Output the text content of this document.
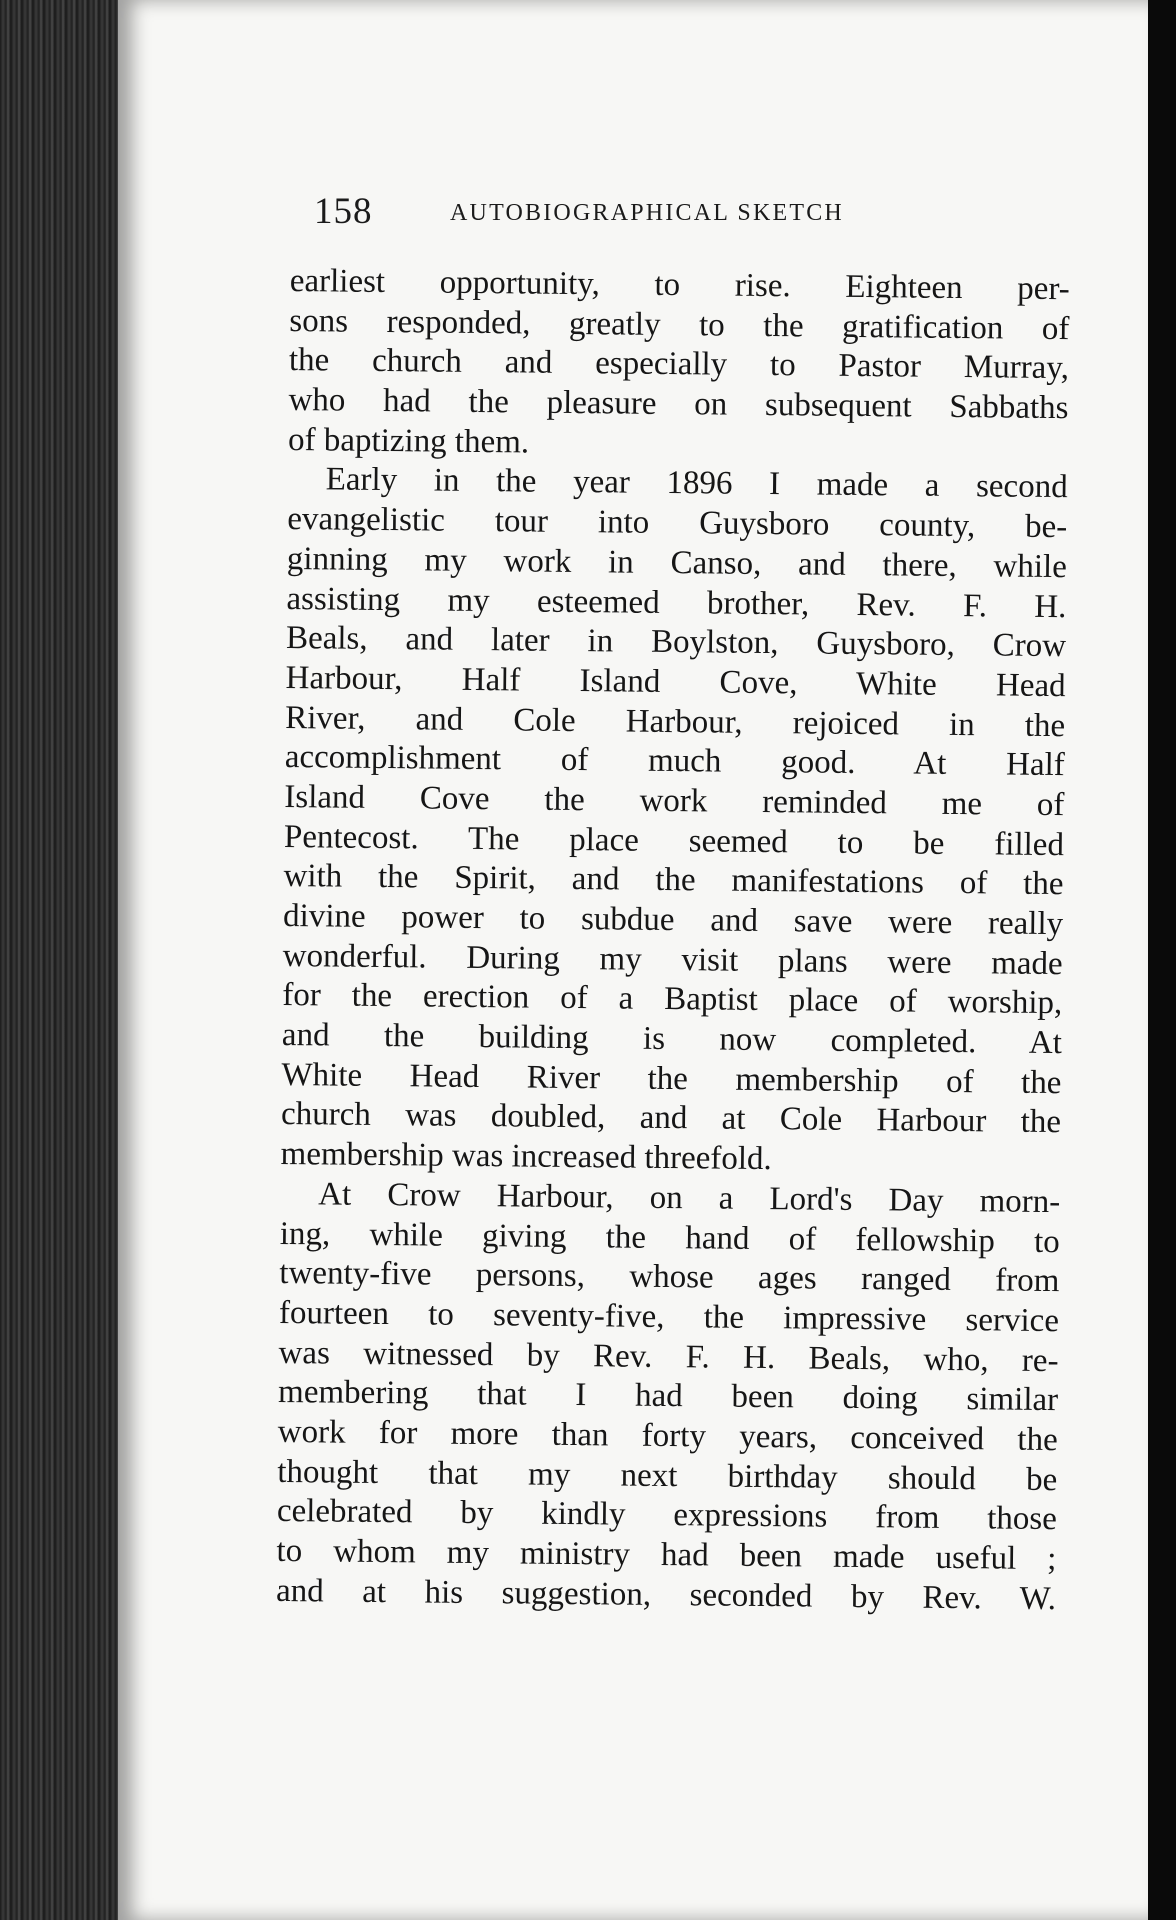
158	AUTOBIOGRAPHICAL SKETCH
earliest opportunity, to rise. Eighteen per-
sons responded, greatly to the gratification of
the church and especially to Pastor Murray,
who had the pleasure on subsequent Sabbaths
of baptizing them.
Early in the year 1896 I made a second
evangelistic tour into Guysboro county, be-
ginning my work in Canso, and there, while
assisting my esteemed brother, Rev. F. H.
Beals, and later in Boylston, Guysboro, Crow
Harbour, Half Island Cove, White Head
River, and Cole Harbour, rejoiced in the
accomplishment of much good. At Half
Island Cove the work reminded me of
Pentecost. The place seemed to be filled
with the Spirit, and the manifestations of the
divine power to subdue and save were really
wonderful. During my visit plans were made
for the erection of a Baptist place of worship,
and the building is now completed. At
White Head River the membership of the
church was doubled, and at Cole Harbour the
membership was increased threefold.
At Crow Harbour, on a Lord's Day morn-
ing, while giving the hand of fellowship to
twenty-five persons, whose ages ranged from
fourteen to seventy-five, the impressive service
was witnessed by Rev. F. H. Beals, who, re-
membering that I had been doing similar
work for more than forty years, conceived the
thought that my next birthday should be
celebrated by kindly expressions from those
to whom my ministry had been made useful ;
and at his suggestion, seconded by Rev. W.
